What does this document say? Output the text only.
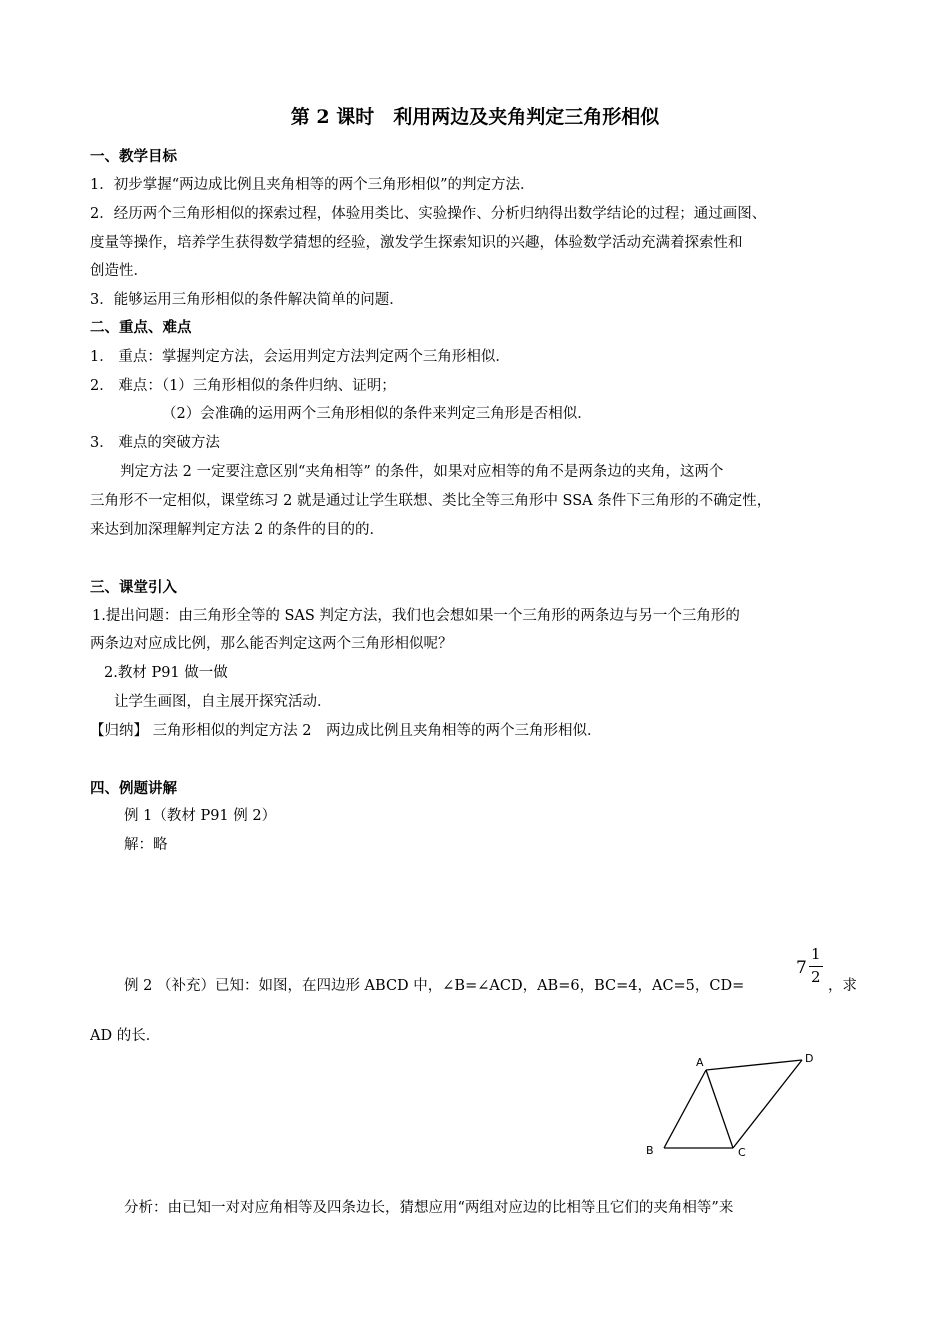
第 2 课时　利用两边及夹角判定三角形相似
一、教学目标
1．初步掌握“两边成比例且夹角相等的两个三角形相似”的判定方法．
2．经历两个三角形相似的探索过程，体验用类比、实验操作、分析归纳得出数学结论的过程；通过画图、
度量等操作，培养学生获得数学猜想的经验，激发学生探索知识的兴趣，体验数学活动充满着探索性和
创造性．
3．能够运用三角形相似的条件解决简单的问题．
二、重点、难点
1． 重点：掌握判定方法，会运用判定方法判定两个三角形相似．
2． 难点：（1）三角形相似的条件归纳、证明；
（2）会准确的运用两个三角形相似的条件来判定三角形是否相似．
3． 难点的突破方法
判定方法 2 一定要注意区别“夹角相等” 的条件，如果对应相等的角不是两条边的夹角，这两个
三角形不一定相似，课堂练习 2 就是通过让学生联想、类比全等三角形中 SSA 条件下三角形的不确定性，
来达到加深理解判定方法 2 的条件的目的的．
三、课堂引入
1.提出问题：由三角形全等的 SAS 判定方法，我们也会想如果一个三角形的两条边与另一个三角形的
两条边对应成比例，那么能否判定这两个三角形相似呢？
2.教材 P91 做一做
让学生画图，自主展开探究活动．
【归纳】 三角形相似的判定方法 2　两边成比例且夹角相等的两个三角形相似．
四、例题讲解
例 1（教材 P91 例 2）
解：略
例 2 （补充）已知：如图，在四边形 ABCD 中，∠B=∠ACD，AB=6，BC=4，AC=5，CD=
7
1
2 ，求
AD 的长．
A	D
B	C
分析：由已知一对对应角相等及四条边长，猜想应用“两组对应边的比相等且它们的夹角相等”来
